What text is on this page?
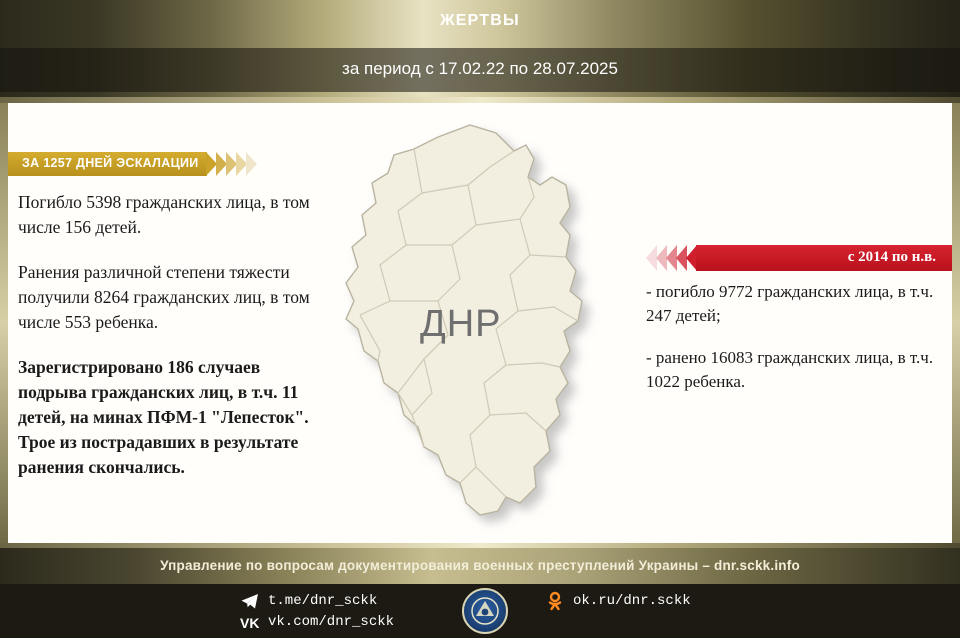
ЖЕРТВЫ
за период с 17.02.22 по 28.07.2025
ЗА 1257 ДНЕЙ ЭСКАЛАЦИИ
Погибло 5398 гражданских лица, в том числе 156 детей.
Ранения различной степени тяжести получили 8264 гражданских лиц, в том числе 553 ребенка.
Зарегистрировано 186 случаев подрыва гражданских лиц, в т.ч. 11 детей, на минах ПФМ-1 "Лепесток". Трое из пострадавших в результате ранения скончались.
ДНР
с 2014 по н.в.
- погибло 9772 гражданских лица, в т.ч. 247 детей;
- ранено 16083 гражданских лица, в т.ч. 1022 ребенка.
Управление по вопросам документирования военных преступлений Украины – dnr.sckk.info
t.me/dnr_sckk
VK vk.com/dnr_sckk
ok.ru/dnr.sckk
